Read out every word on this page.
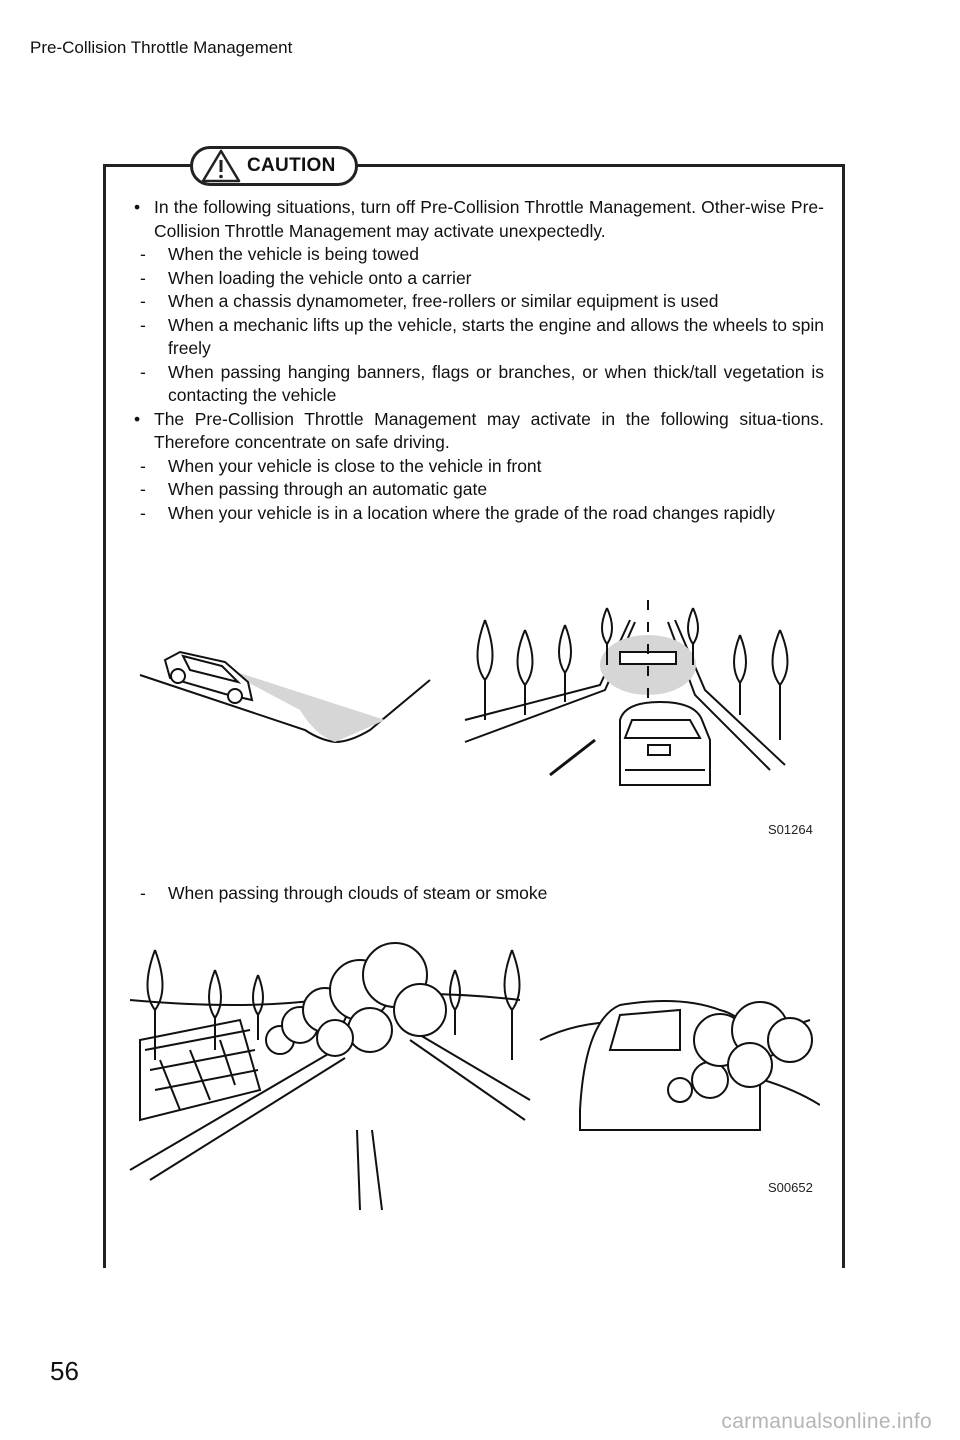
Pre-Collision Throttle Management
CAUTION
• In the following situations, turn off Pre-Collision Throttle Management. Other-wise Pre-Collision Throttle Management may activate unexpectedly.
-	When the vehicle is being towed
-	When loading the vehicle onto a carrier
-	When a chassis dynamometer, free-rollers or similar equipment is used
-	When a mechanic lifts up the vehicle, starts the engine and allows the wheels to spin freely
-	When passing hanging banners, flags or branches, or when thick/tall vegetation is contacting the vehicle
• The Pre-Collision Throttle Management may activate in the following situa-tions. Therefore concentrate on safe driving.
-	When your vehicle is close to the vehicle in front
-	When passing through an automatic gate
-	When your vehicle is in a location where the grade of the road changes rapidly
S01264
-	When passing through clouds of steam or smoke
S00652
56
carmanualsonline.info
